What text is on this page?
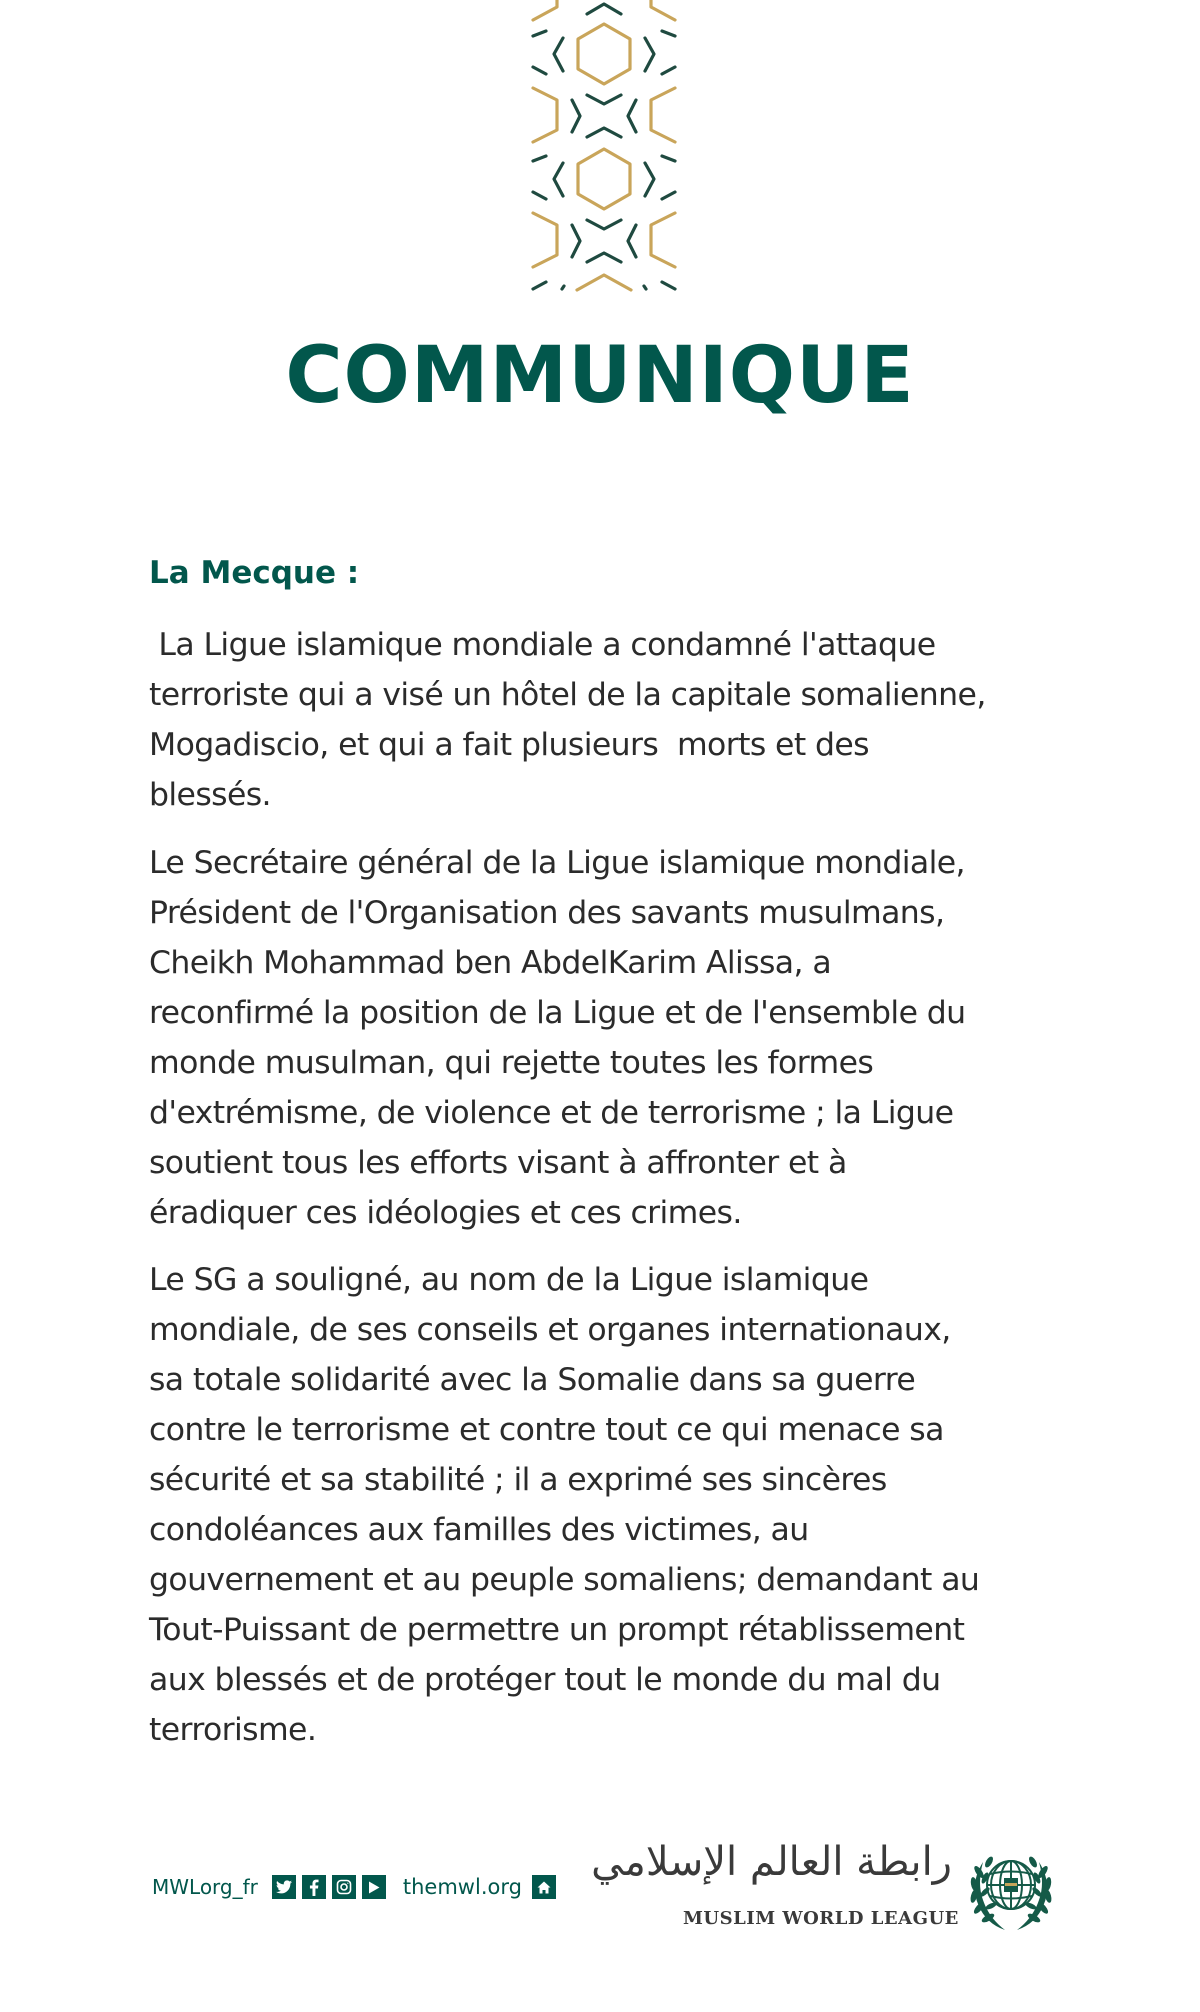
COMMUNIQUE

La Mecque :

La Ligue islamique mondiale a condamné l'attaque
terroriste qui a visé un hôtel de la capitale somalienne,
Mogadiscio, et qui a fait plusieurs  morts et des
blessés.
Le Secrétaire général de la Ligue islamique mondiale,
Président de l'Organisation des savants musulmans,
Cheikh Mohammad ben AbdelKarim Alissa, a
reconfirmé la position de la Ligue et de l'ensemble du
monde musulman, qui rejette toutes les formes
d'extrémisme, de violence et de terrorisme ; la Ligue
soutient tous les efforts visant à affronter et à
éradiquer ces idéologies et ces crimes.
Le SG a souligné, au nom de la Ligue islamique
mondiale, de ses conseils et organes internationaux,
sa totale solidarité avec la Somalie dans sa guerre
contre le terrorisme et contre tout ce qui menace sa
sécurité et sa stabilité ; il a exprimé ses sincères
condoléances aux familles des victimes, au
gouvernement et au peuple somaliens; demandant au
Tout-Puissant de permettre un prompt rétablissement
aux blessés et de protéger tout le monde du mal du
terrorisme.
MWLorg_fr	themwl.org
رابطة العالم الإسلامي
MUSLIM WORLD LEAGUE
